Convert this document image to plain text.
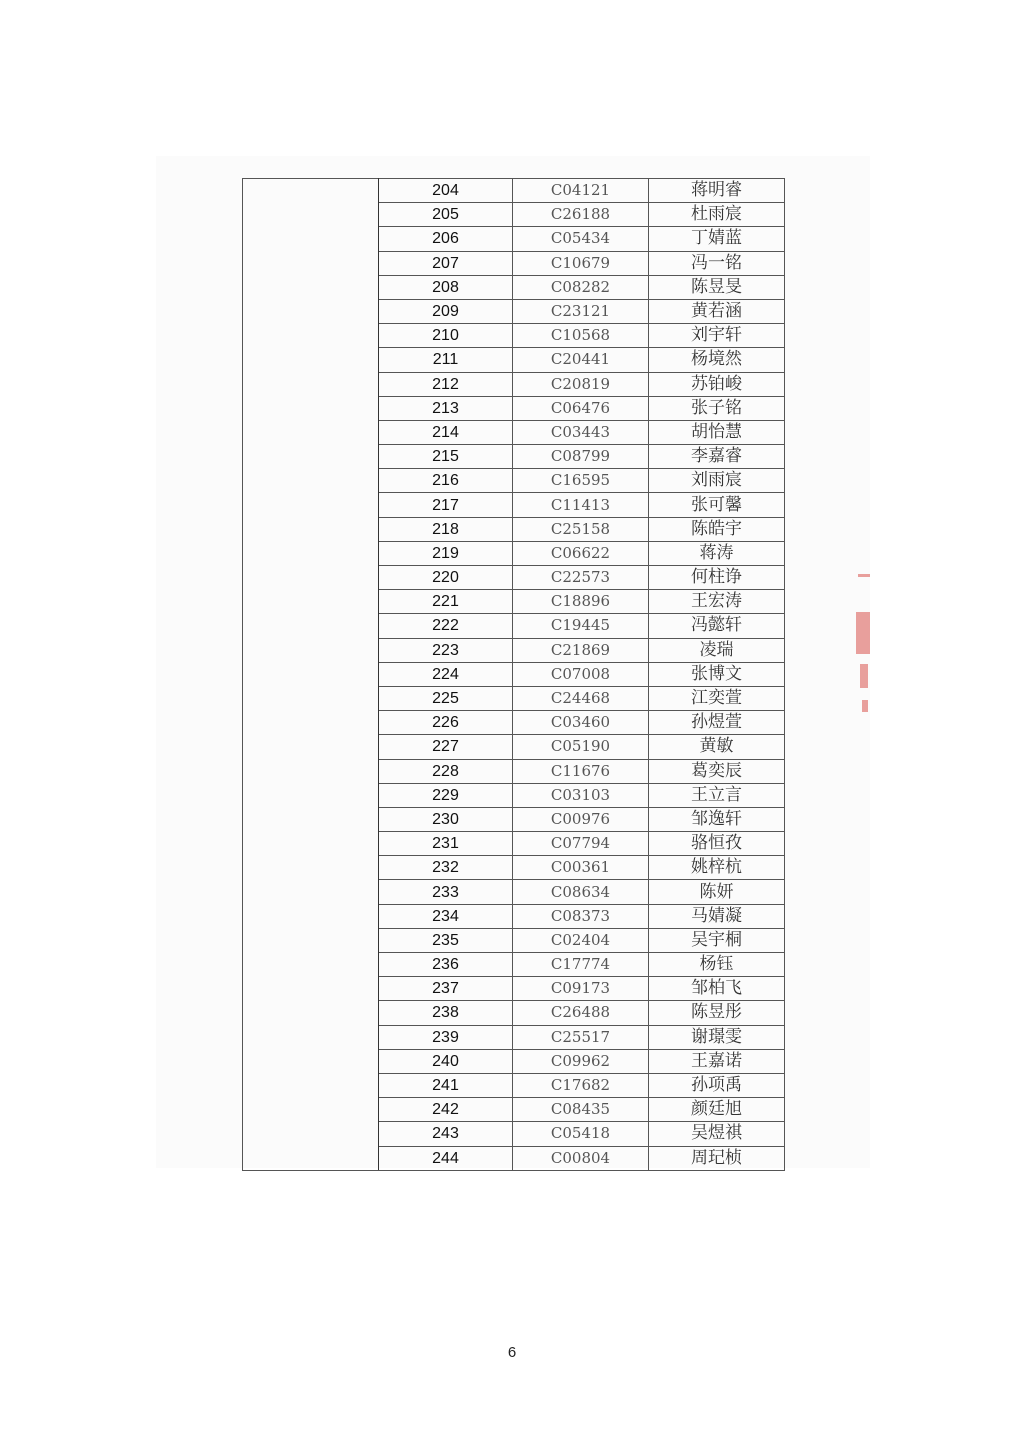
	204	C04121	蒋明睿
	205	C26188	杜雨宸
	206	C05434	丁婧蓝
	207	C10679	冯一铭
	208	C08282	陈昱旻
	209	C23121	黄若涵
	210	C10568	刘宇轩
	211	C20441	杨境然
	212	C20819	苏铂峻
	213	C06476	张子铭
	214	C03443	胡怡慧
	215	C08799	李嘉睿
	216	C16595	刘雨宸
	217	C11413	张可馨
	218	C25158	陈皓宇
	219	C06622	蒋涛
	220	C22573	何柱诤
	221	C18896	王宏涛
	222	C19445	冯懿轩
	223	C21869	凌瑞
	224	C07008	张博文
	225	C24468	江奕萱
	226	C03460	孙煜萱
	227	C05190	黄敏
	228	C11676	葛奕辰
	229	C03103	王立言
	230	C00976	邹逸轩
	231	C07794	骆恒孜
	232	C00361	姚梓杭
	233	C08634	陈妍
	234	C08373	马婧凝
	235	C02404	吴宇桐
	236	C17774	杨钰
	237	C09173	邹柏飞
	238	C26488	陈昱彤
	239	C25517	谢璟雯
	240	C09962	王嘉诺
	241	C17682	孙项禹
	242	C08435	颜廷旭
	243	C05418	吴煜祺
	244	C00804	周玘桢
6
